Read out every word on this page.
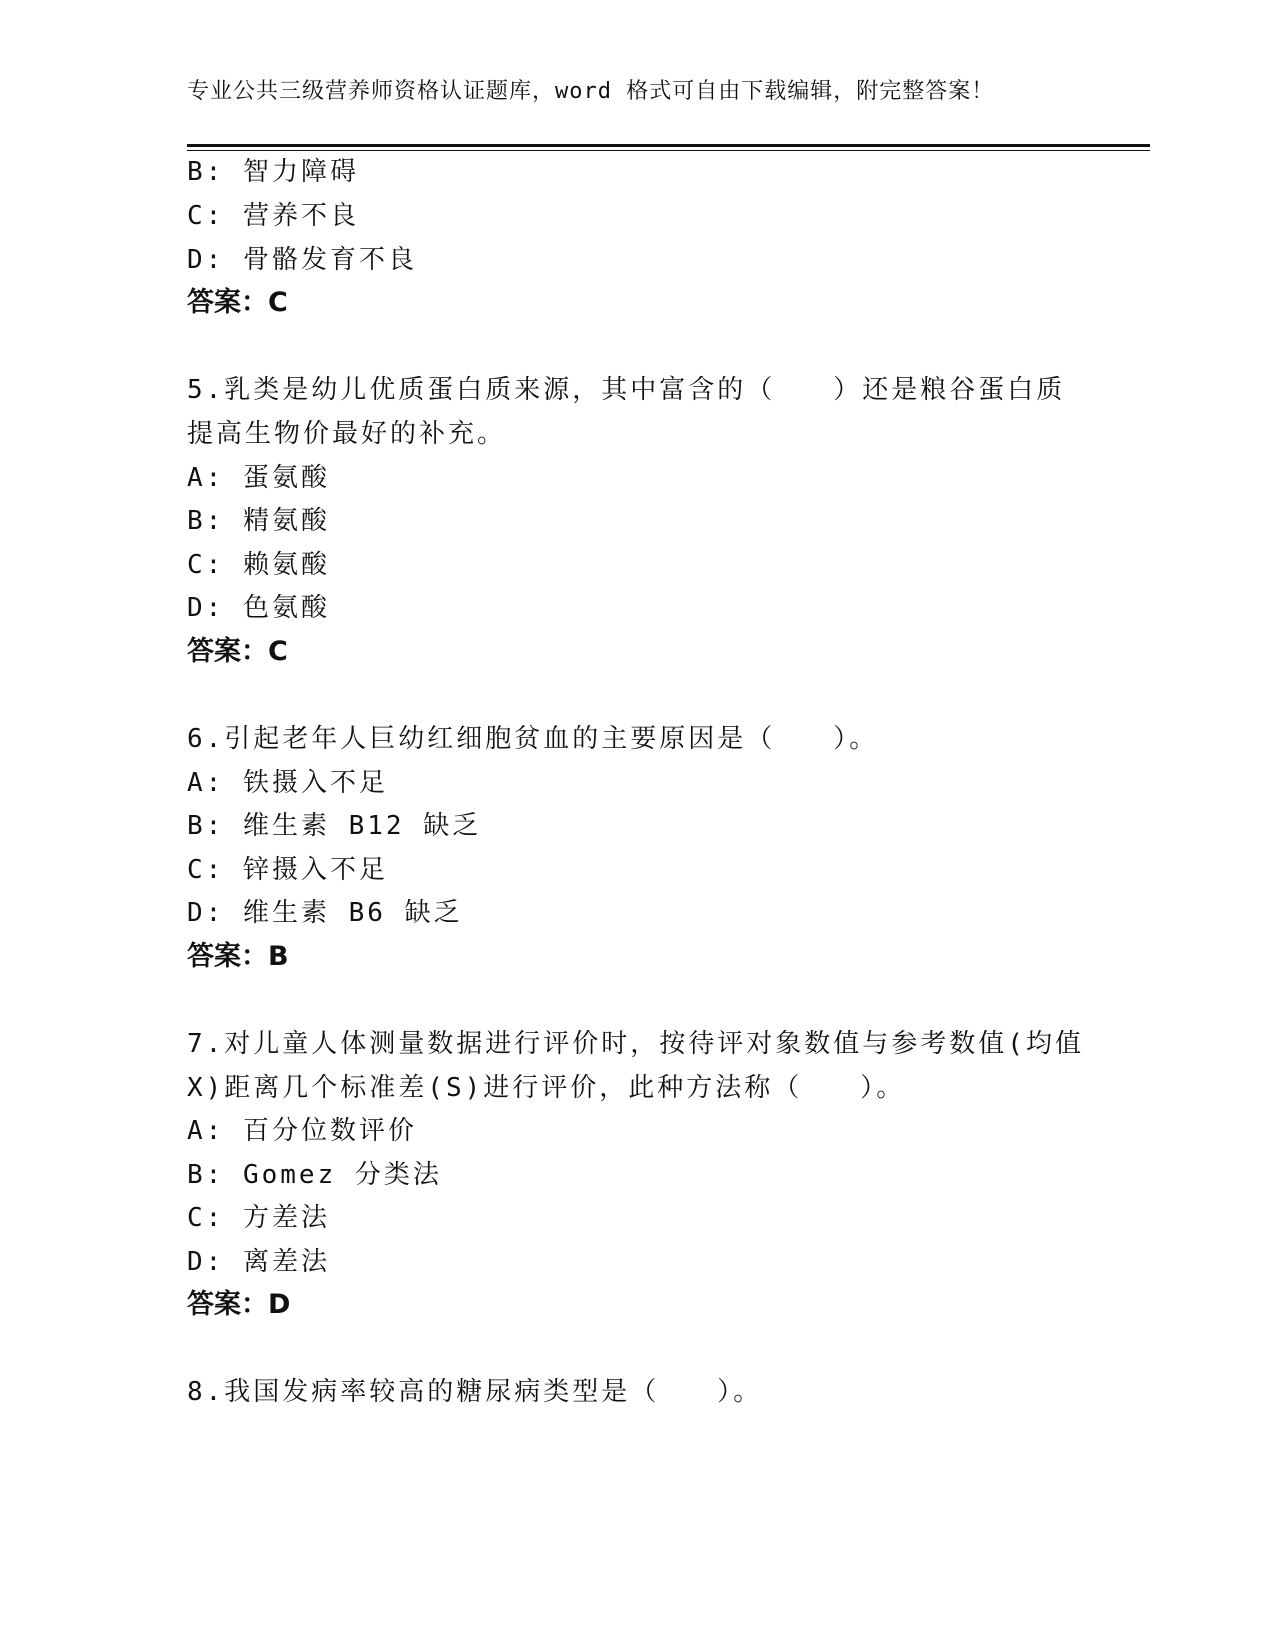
专业公共三级营养师资格认证题库，word 格式可自由下载编辑，附完整答案！
B: 智力障碍
C: 营养不良
D: 骨骼发育不良
答案：C
5.乳类是幼儿优质蛋白质来源，其中富含的（　　）还是粮谷蛋白质
提高生物价最好的补充。
A: 蛋氨酸
B: 精氨酸
C: 赖氨酸
D: 色氨酸
答案：C
6.引起老年人巨幼红细胞贫血的主要原因是（　　）。
A: 铁摄入不足
B: 维生素 B12 缺乏
C: 锌摄入不足
D: 维生素 B6 缺乏
答案：B
7.对儿童人体测量数据进行评价时，按待评对象数值与参考数值(均值
X)距离几个标准差(S)进行评价，此种方法称（　　）。
A: 百分位数评价
B: Gomez 分类法
C: 方差法
D: 离差法
答案：D
8.我国发病率较高的糖尿病类型是（　　）。
